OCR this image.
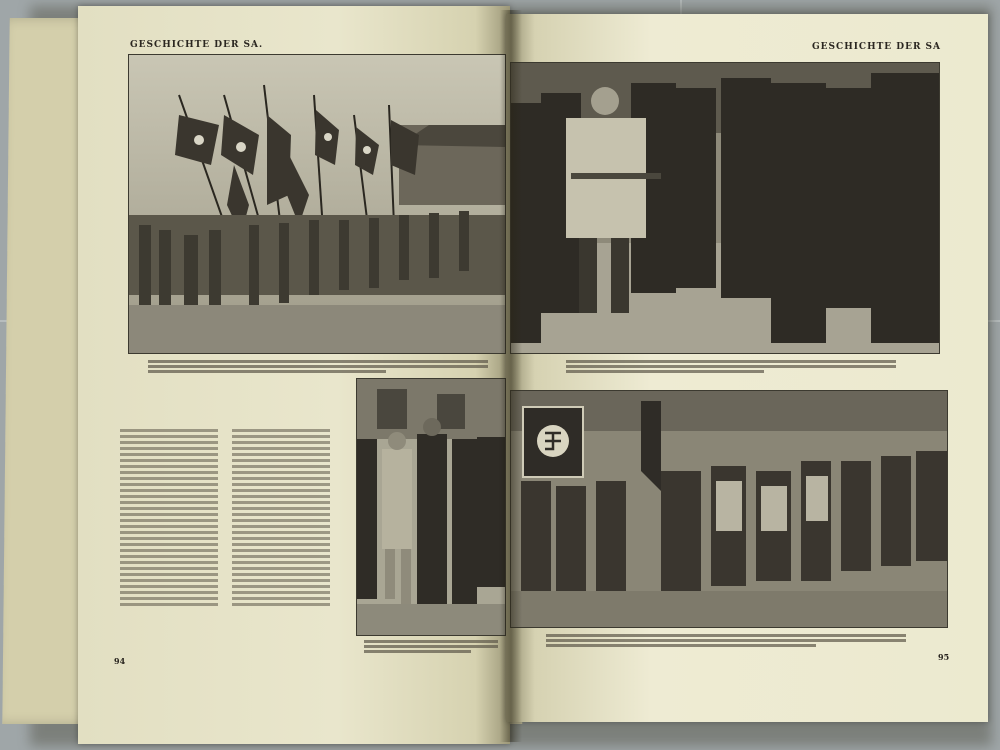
GESCHICHTE DER SA.
94
GESCHICHTE DER SA
95
